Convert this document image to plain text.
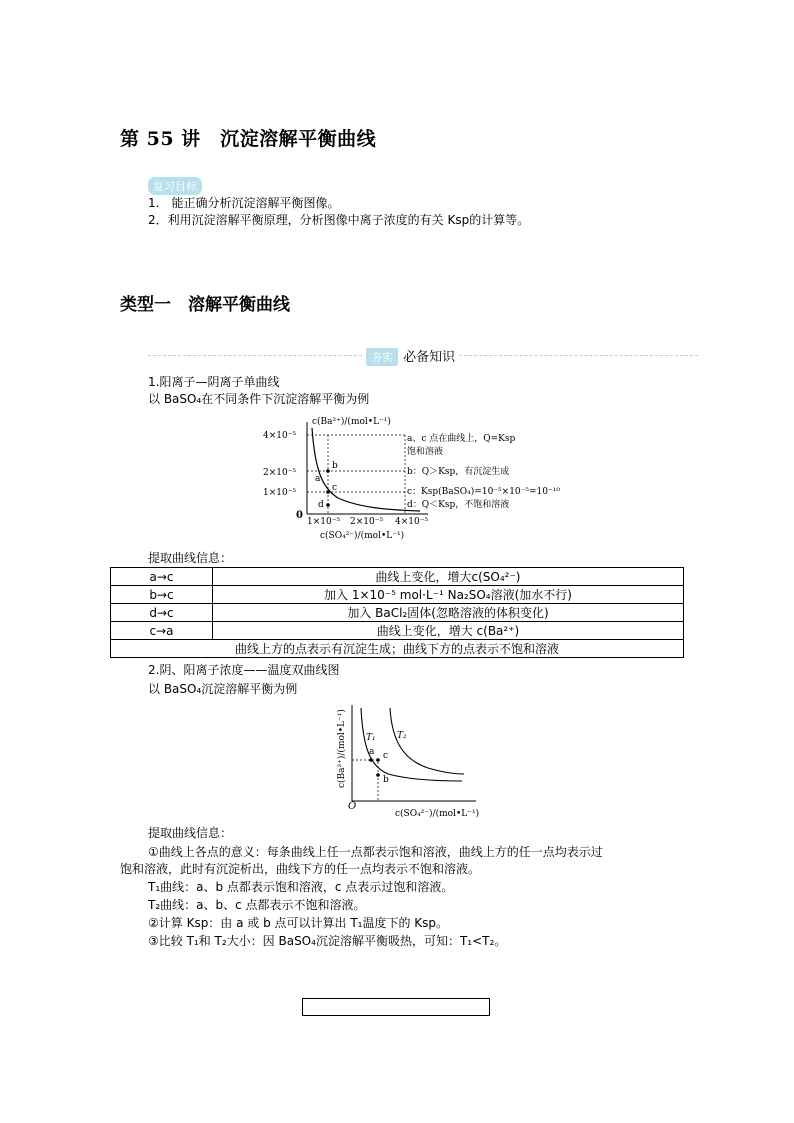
第 55 讲　沉淀溶解平衡曲线
复习目标
1.　能正确分析沉淀溶解平衡图像。
2．利用沉淀溶解平衡原理，分析图像中离子浓度的有关 Ksp的计算等。
类型一　溶解平衡曲线
夯实 必备知识
1.阳离子—阴离子单曲线
以 BaSO₄在不同条件下沉淀溶解平衡为例
c(Ba²⁺)/(mol•L⁻¹)
4×10⁻⁵
2×10⁻⁵
1×10⁻⁵
0
1×10⁻⁵ 2×10⁻⁵ 4×10⁻⁵
c(SO₄²⁻)/(mol•L⁻¹)
a
b
c
d
a、c 点在曲线上，Q=Ksp
饱和溶液
b：Q＞Ksp，有沉淀生成
c：Ksp(BaSO₄)=10⁻⁵×10⁻⁵=10⁻¹⁰
d：Q＜Ksp，不饱和溶液
提取曲线信息：
a→c	曲线上变化，增大c(SO₄²⁻)
b→c	加入 1×10⁻⁵ mol·L⁻¹ Na₂SO₄溶液(加水不行)
d→c	加入 BaCl₂固体(忽略溶液的体积变化)
c→a	曲线上变化，增大 c(Ba²⁺)
曲线上方的点表示有沉淀生成；曲线下方的点表示不饱和溶液	
2.阴、阳离子浓度——温度双曲线图
以 BaSO₄沉淀溶解平衡为例
c(Ba²⁺)/(mol•L⁻¹)
O
c(SO₄²⁻)/(mol•L⁻¹)
T₁ T₂
a
b
c
提取曲线信息：
①曲线上各点的意义：每条曲线上任一点都表示饱和溶液，曲线上方的任一点均表示过
饱和溶液，此时有沉淀析出，曲线下方的任一点均表示不饱和溶液。
T₁曲线：a、b 点都表示饱和溶液，c 点表示过饱和溶液。
T₂曲线：a、b、c 点都表示不饱和溶液。
②计算 Ksp：由 a 或 b 点可以计算出 T₁温度下的 Ksp。
③比较 T₁和 T₂大小：因 BaSO₄沉淀溶解平衡吸热，可知：T₁<T₂。
